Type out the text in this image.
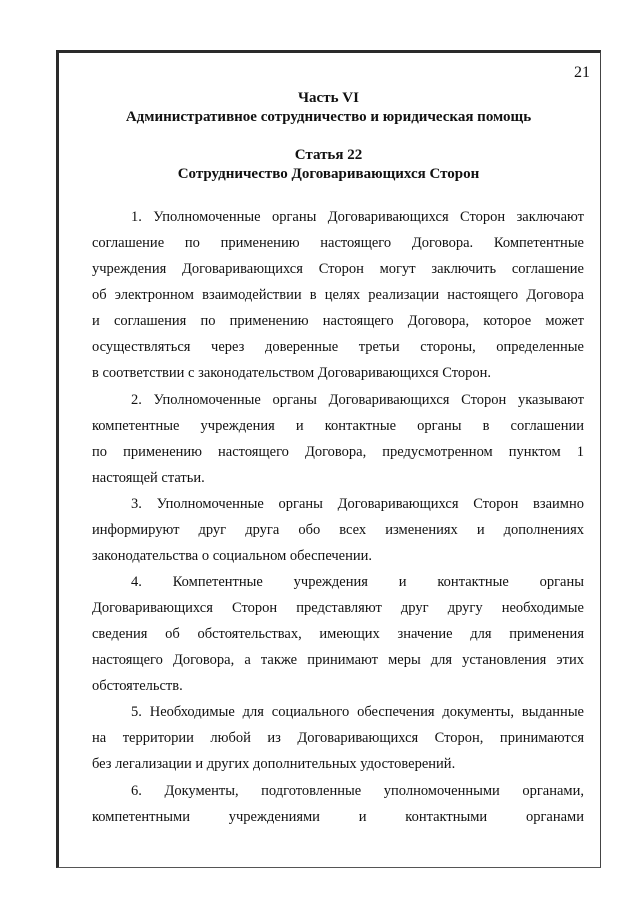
21
Часть VI
Административное сотрудничество и юридическая помощь
Статья 22
Сотрудничество Договаривающихся Сторон
1. Уполномоченные органы Договаривающихся Сторон заключают
соглашение по применению настоящего Договора. Компетентные
учреждения Договаривающихся Сторон могут заключить соглашение
об электронном взаимодействии в целях реализации настоящего Договора
и соглашения по применению настоящего Договора, которое может
осуществляться через доверенные третьи стороны, определенные
в соответствии с законодательством Договаривающихся Сторон.
2. Уполномоченные органы Договаривающихся Сторон указывают
компетентные учреждения и контактные органы в соглашении
по применению настоящего Договора, предусмотренном пунктом 1
настоящей статьи.
3. Уполномоченные органы Договаривающихся Сторон взаимно
информируют друг друга обо всех изменениях и дополнениях
законодательства о социальном обеспечении.
4. Компетентные учреждения и контактные органы
Договаривающихся Сторон представляют друг другу необходимые
сведения об обстоятельствах, имеющих значение для применения
настоящего Договора, а также принимают меры для установления этих
обстоятельств.
5. Необходимые для социального обеспечения документы, выданные
на территории любой из Договаривающихся Сторон, принимаются
без легализации и других дополнительных удостоверений.
6. Документы, подготовленные уполномоченными органами,
компетентными учреждениями и контактными органами
